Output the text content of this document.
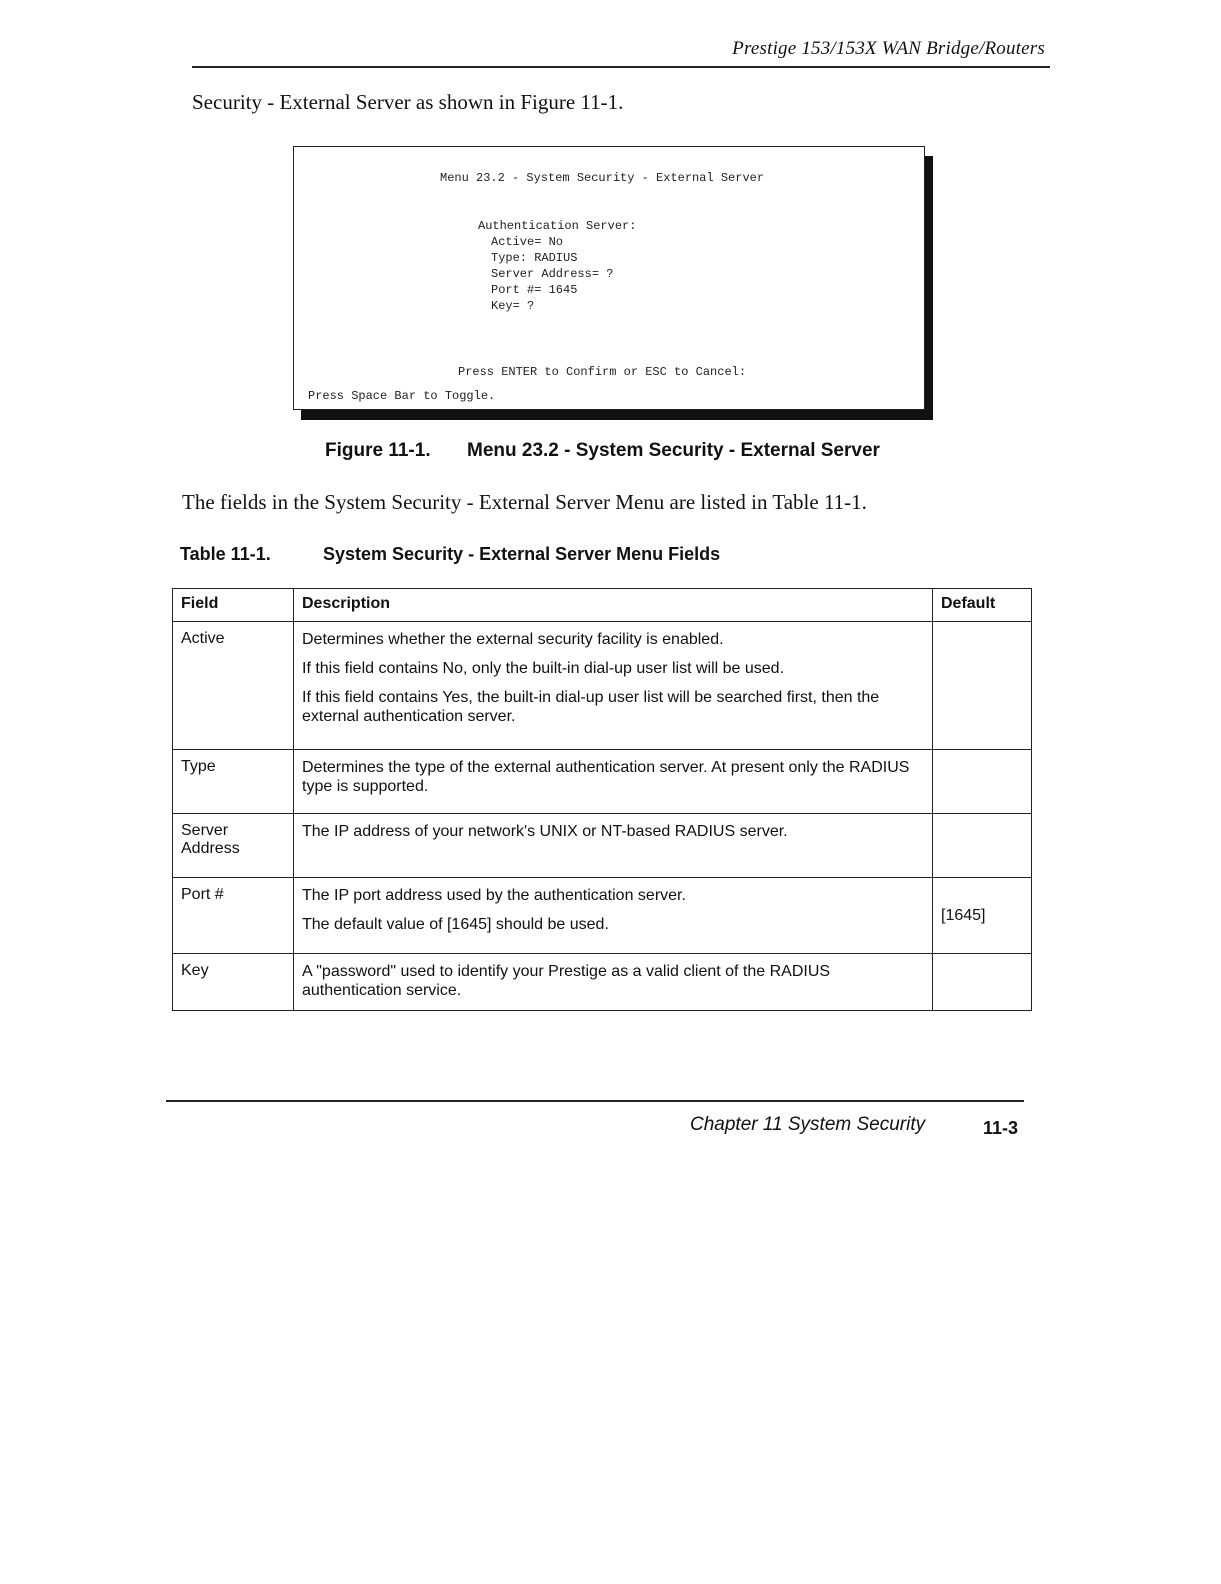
Prestige 153/153X WAN Bridge/Routers
Security - External Server as shown in Figure 11-1.
Menu 23.2 - System Security - External Server
Authentication Server:
Active= No
Type: RADIUS
Server Address= ?
Port #= 1645
Key= ?
Press ENTER to Confirm or ESC to Cancel:
Press Space Bar to Toggle.
Figure 11-1. Menu 23.2 - System Security - External Server
The fields in the System Security - External Server Menu are listed in Table 11-1.
Table 11-1.	System Security - External Server Menu Fields
Field	Description	Default
Active	Determines whether the external security facility is enabled.

If this field contains No, only the built-in dial-up user list will be used.

If this field contains Yes, the built-in dial-up user list will be searched first, then the external authentication server.	

Type	Determines the type of the external authentication server. At present only the RADIUS type is supported.	

Server Address	The IP address of your network's UNIX or NT-based RADIUS server.	

Port #	The IP port address used by the authentication server.

The default value of [1645] should be used.	[1645]
Key	A "password" used to identify your Prestige as a valid client of the RADIUS authentication service.	

Chapter 11 System Security	11-3
